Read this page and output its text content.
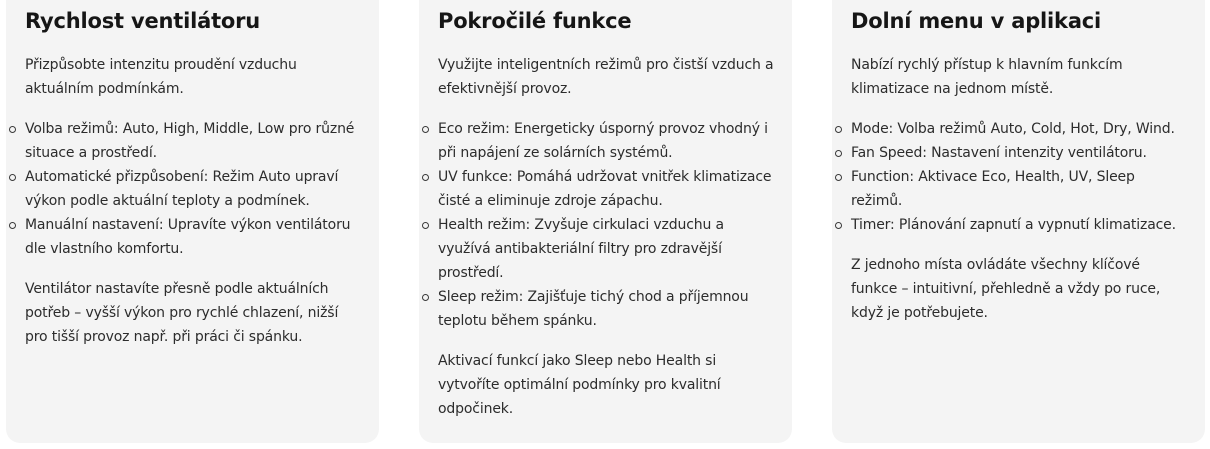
Rychlost ventilátoru

Přizpůsobte intenzitu proudění vzduchu aktuálním podmínkám.

Volba režimů: Auto, High, Middle, Low pro různé situace a prostředí.
Automatické přizpůsobení: Režim Auto upraví výkon podle aktuální teploty a podmínek.
Manuální nastavení: Upravíte výkon ventilátoru dle vlastního komfortu.

Ventilátor nastavíte přesně podle aktuálních potřeb – vyšší výkon pro rychlé chlazení, nižší pro tišší provoz např. při práci či spánku.

Pokročilé funkce

Využijte inteligentních režimů pro čistší vzduch a efektivnější provoz.

Eco režim: Energeticky úsporný provoz vhodný i při napájení ze solárních systémů.
UV funkce: Pomáhá udržovat vnitřek klimatizace čisté a eliminuje zdroje zápachu.
Health režim: Zvyšuje cirkulaci vzduchu a využívá antibakteriální filtry pro zdravější prostředí.
Sleep režim: Zajišťuje tichý chod a příjemnou teplotu během spánku.

Aktivací funkcí jako Sleep nebo Health si vytvoříte optimální podmínky pro kvalitní odpočinek.

Dolní menu v aplikaci

Nabízí rychlý přístup k hlavním funkcím klimatizace na jednom místě.

Mode: Volba režimů Auto, Cold, Hot, Dry, Wind.
Fan Speed: Nastavení intenzity ventilátoru.
Function: Aktivace Eco, Health, UV, Sleep režimů.
Timer: Plánování zapnutí a vypnutí klimatizace.

Z jednoho místa ovládáte všechny klíčové funkce – intuitivní, přehledně a vždy po ruce, když je potřebujete.
